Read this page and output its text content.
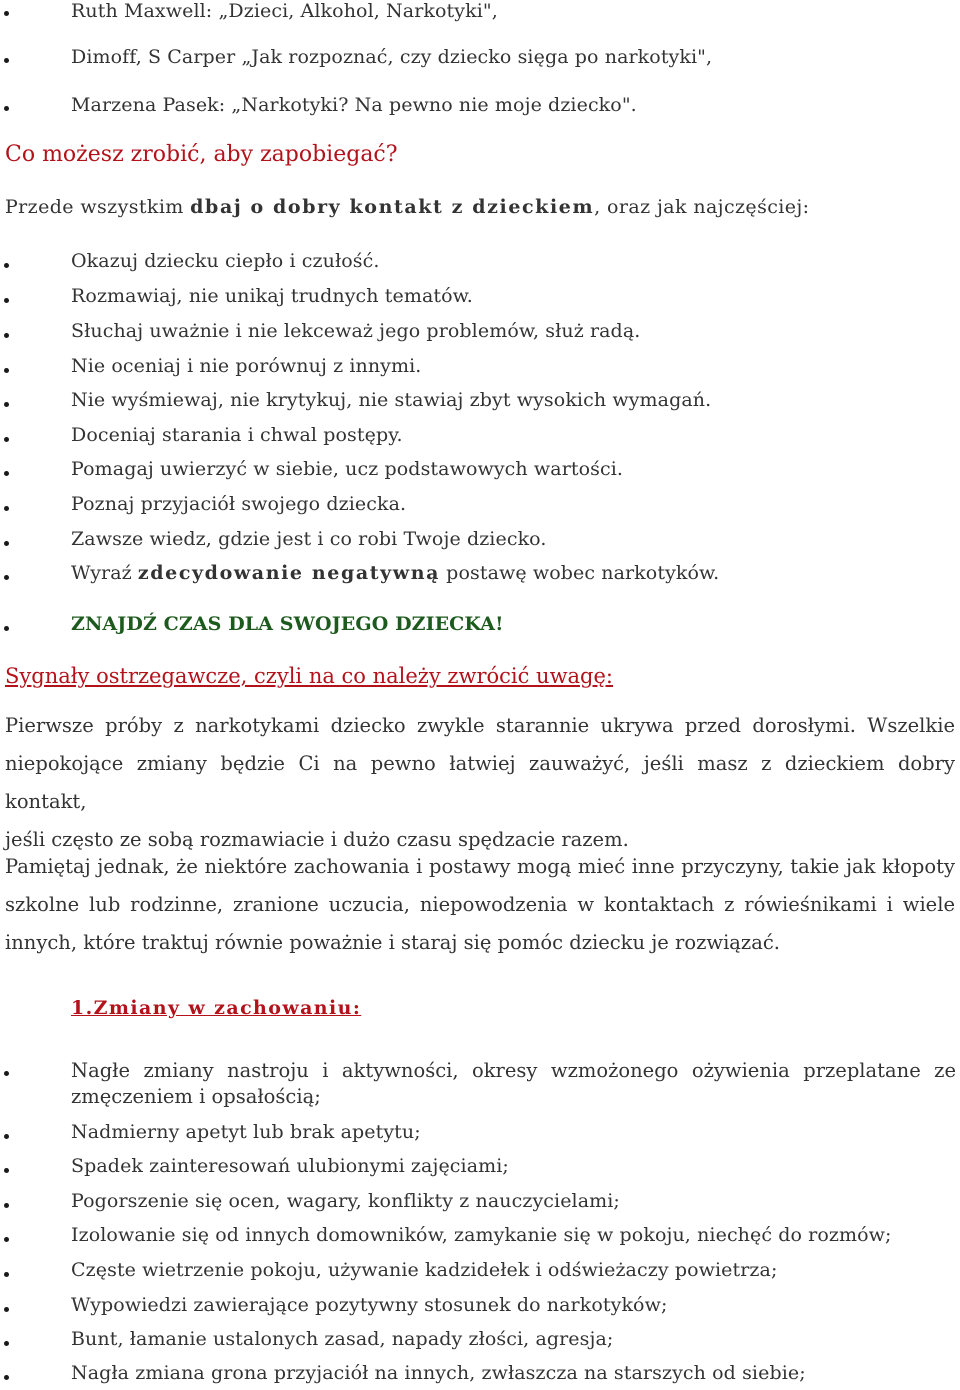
Ruth Maxwell: „Dzieci, Alkohol, Narkotyki",
Dimoff, S Carper „Jak rozpoznać, czy dziecko sięga po narkotyki",
Marzena Pasek: „Narkotyki? Na pewno nie moje dziecko".
Co możesz zrobić, aby zapobiegać?
Przede wszystkim dbaj o dobry kontakt z dzieckiem, oraz jak najczęściej:
Okazuj dziecku ciepło i czułość.
Rozmawiaj, nie unikaj trudnych tematów.
Słuchaj uważnie i nie lekceważ jego problemów, służ radą.
Nie oceniaj i nie porównuj z innymi.
Nie wyśmiewaj, nie krytykuj, nie stawiaj zbyt wysokich wymagań.
Doceniaj starania i chwal postępy.
Pomagaj uwierzyć w siebie, ucz podstawowych wartości.
Poznaj przyjaciół swojego dziecka.
Zawsze wiedz, gdzie jest i co robi Twoje dziecko.
Wyraź zdecydowanie negatywną postawę wobec narkotyków.
ZNAJDŹ CZAS DLA SWOJEGO DZIECKA!
Sygnały ostrzegawcze, czyli na co należy zwrócić uwagę:

Pierwsze próby z narkotykami dziecko zwykle starannie ukrywa przed dorosłymi. Wszelkie
niepokojące zmiany będzie Ci na pewno łatwiej zauważyć, jeśli masz z dzieckiem dobry kontakt,
jeśli często ze sobą rozmawiacie i dużo czasu spędzacie razem.

Pamiętaj jednak, że niektóre zachowania i postawy mogą mieć inne przyczyny, takie jak kłopoty
szkolne lub rodzinne, zranione uczucia, niepowodzenia w kontaktach z rówieśnikami i wiele
innych, które traktuj równie poważnie i staraj się pomóc dziecku je rozwiązać.

1.Zmiany w zachowaniu:
Nagłe zmiany nastroju i aktywności, okresy wzmożonego ożywienia przeplatane ze
zmęczeniem i opsałością;
Nadmierny apetyt lub brak apetytu;
Spadek zainteresowań ulubionymi zajęciami;
Pogorszenie się ocen, wagary, konflikty z nauczycielami;
Izolowanie się od innych domowników, zamykanie się w pokoju, niechęć do rozmów;
Częste wietrzenie pokoju, używanie kadzidełek i odświeżaczy powietrza;
Wypowiedzi zawierające pozytywny stosunek do narkotyków;
Bunt, łamanie ustalonych zasad, napady złości, agresja;
Nagła zmiana grona przyjaciół na innych, zwłaszcza na starszych od siebie;
